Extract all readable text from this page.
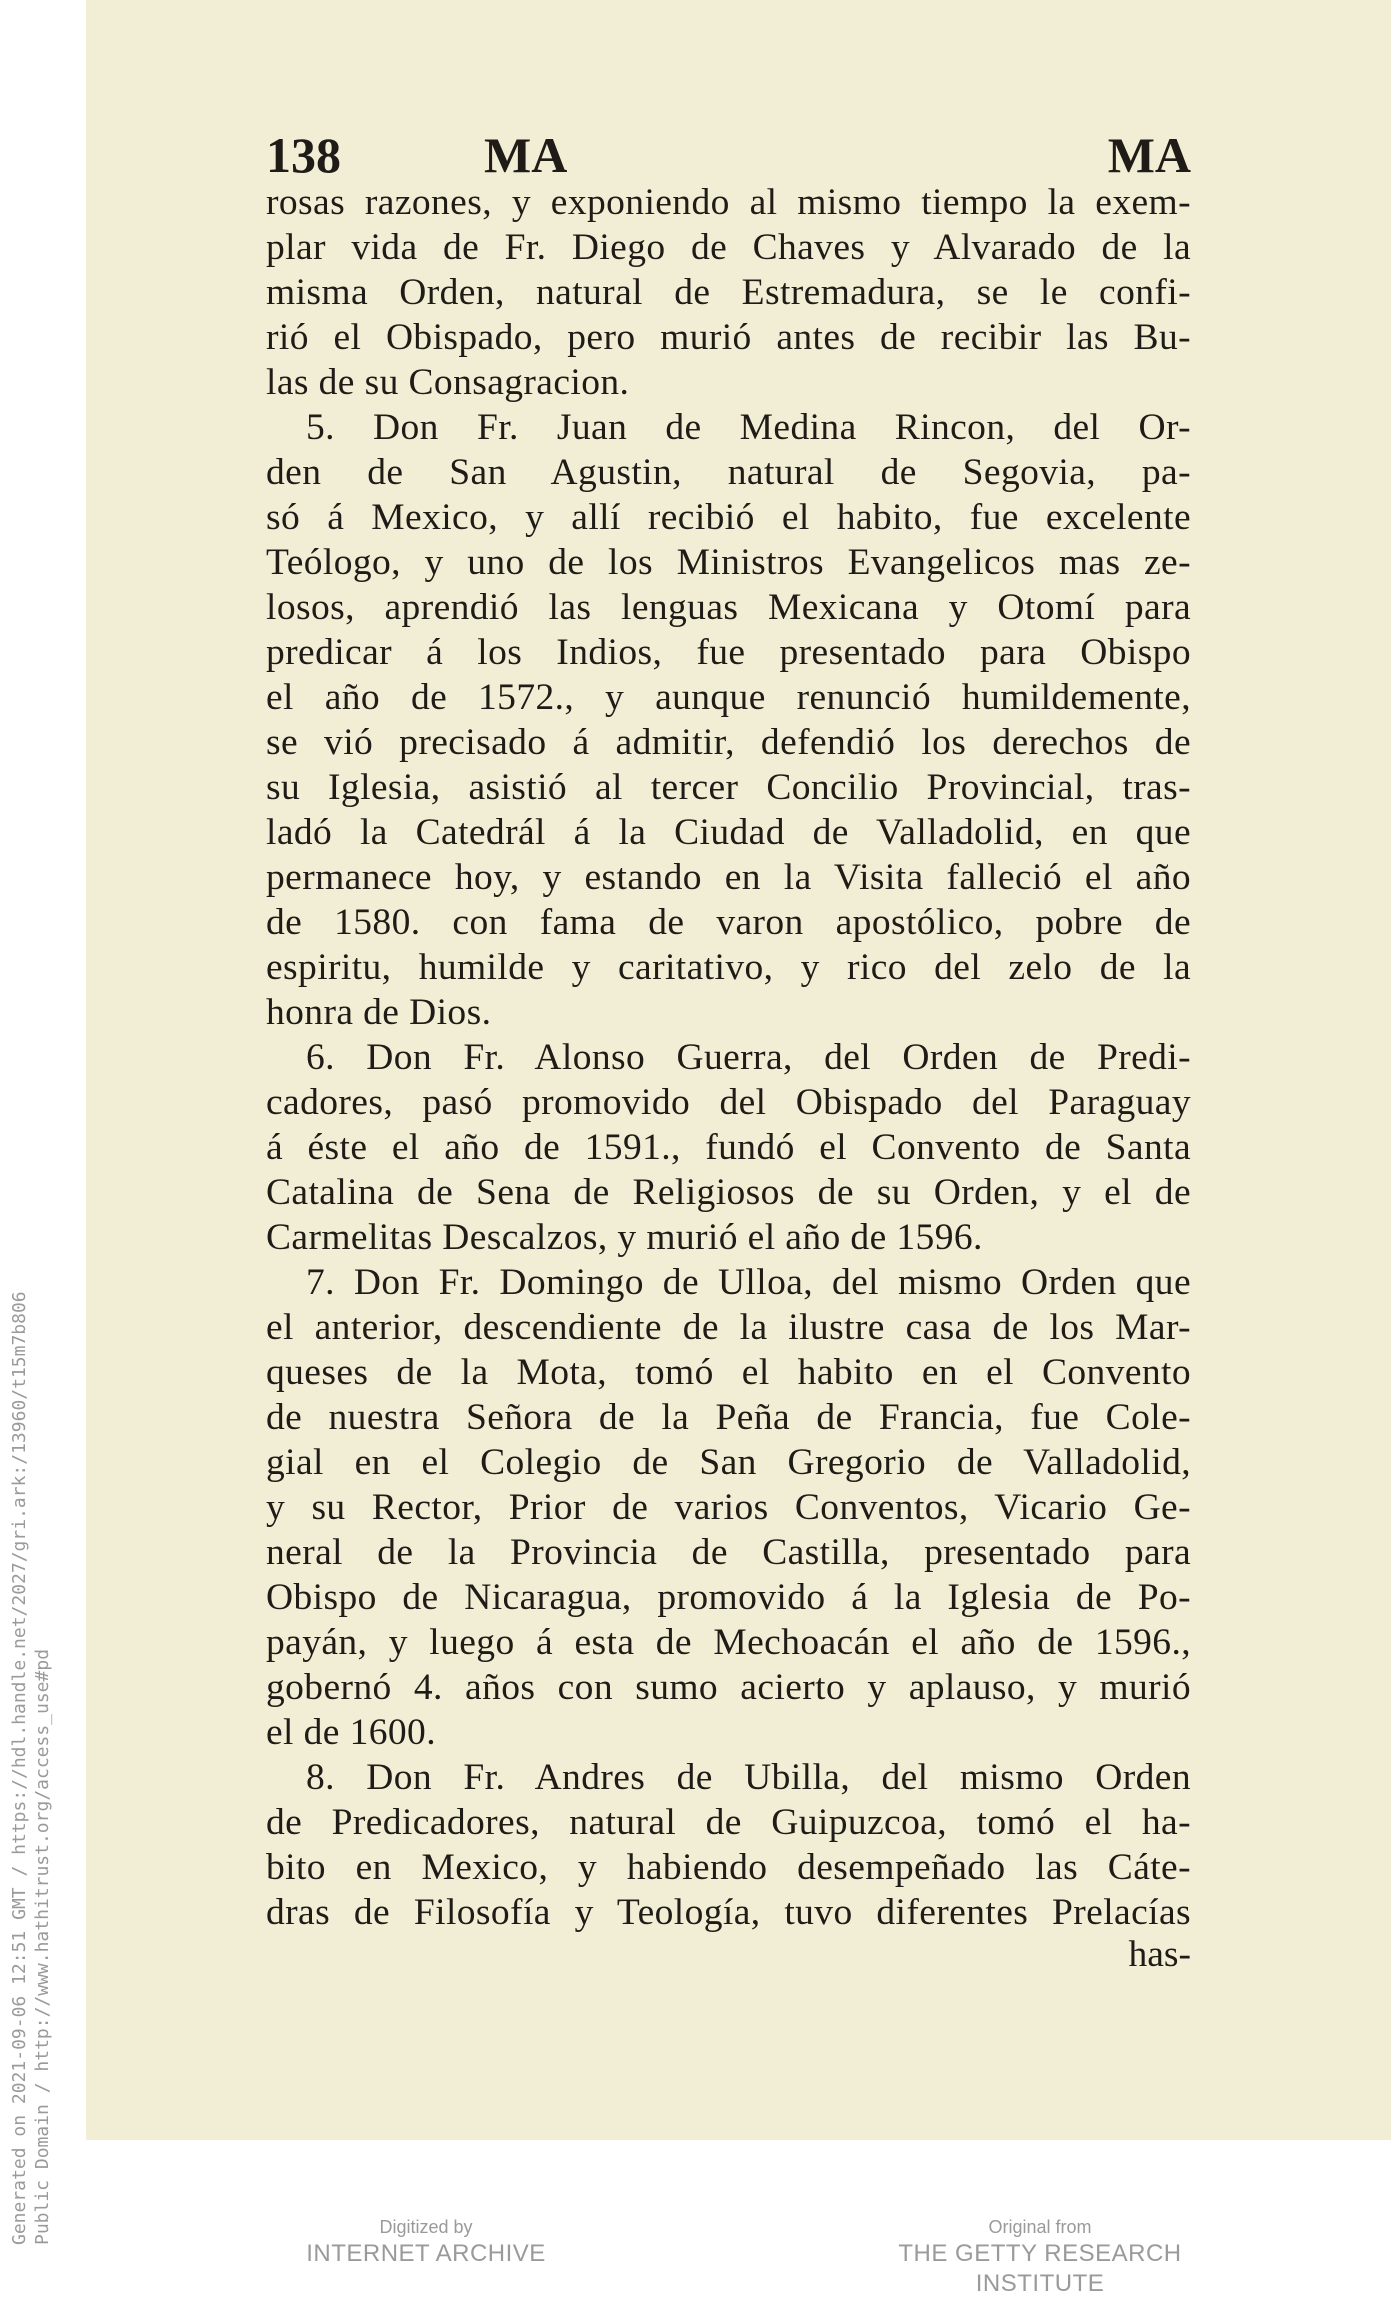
138	MA	MA
rosas razones, y exponiendo al mismo tiempo la exem-
plar vida de Fr. Diego de Chaves y Alvarado de la
misma Orden, natural de Estremadura, se le confi-
rió el Obispado, pero murió antes de recibir las Bu-
las de su Consagracion.
5. Don Fr. Juan de Medina Rincon, del Or-
den de San Agustin, natural de Segovia, pa-
só á Mexico, y allí recibió el habito, fue excelente
Teólogo, y uno de los Ministros Evangelicos mas ze-
losos, aprendió las lenguas Mexicana y Otomí para
predicar á los Indios, fue presentado para Obispo
el año de 1572., y aunque renunció humildemente,
se vió precisado á admitir, defendió los derechos de
su Iglesia, asistió al tercer Concilio Provincial, tras-
ladó la Catedrál á la Ciudad de Valladolid, en que
permanece hoy, y estando en la Visita falleció el año
de 1580. con fama de varon apostólico, pobre de
espiritu, humilde y caritativo, y rico del zelo de la
honra de Dios.
6. Don Fr. Alonso Guerra, del Orden de Predi-
cadores, pasó promovido del Obispado del Paraguay
á éste el año de 1591., fundó el Convento de Santa
Catalina de Sena de Religiosos de su Orden, y el de
Carmelitas Descalzos, y murió el año de 1596.
7. Don Fr. Domingo de Ulloa, del mismo Orden que
el anterior, descendiente de la ilustre casa de los Mar-
queses de la Mota, tomó el habito en el Convento
de nuestra Señora de la Peña de Francia, fue Cole-
gial en el Colegio de San Gregorio de Valladolid,
y su Rector, Prior de varios Conventos, Vicario Ge-
neral de la Provincia de Castilla, presentado para
Obispo de Nicaragua, promovido á la Iglesia de Po-
payán, y luego á esta de Mechoacán el año de 1596.,
gobernó 4. años con sumo acierto y aplauso, y murió
el de 1600.
8. Don Fr. Andres de Ubilla, del mismo Orden
de Predicadores, natural de Guipuzcoa, tomó el ha-
bito en Mexico, y habiendo desempeñado las Cáte-
dras de Filosofía y Teología, tuvo diferentes Prelacías
has-
Generated on 2021-09-06 12:51 GMT / https://hdl.handle.net/2027/gri.ark:/13960/t15m7b806 Public Domain / http://www.hathitrust.org/access_use#pd	Digitized by
INTERNET ARCHIVE
Original from
THE GETTY RESEARCH INSTITUTE
